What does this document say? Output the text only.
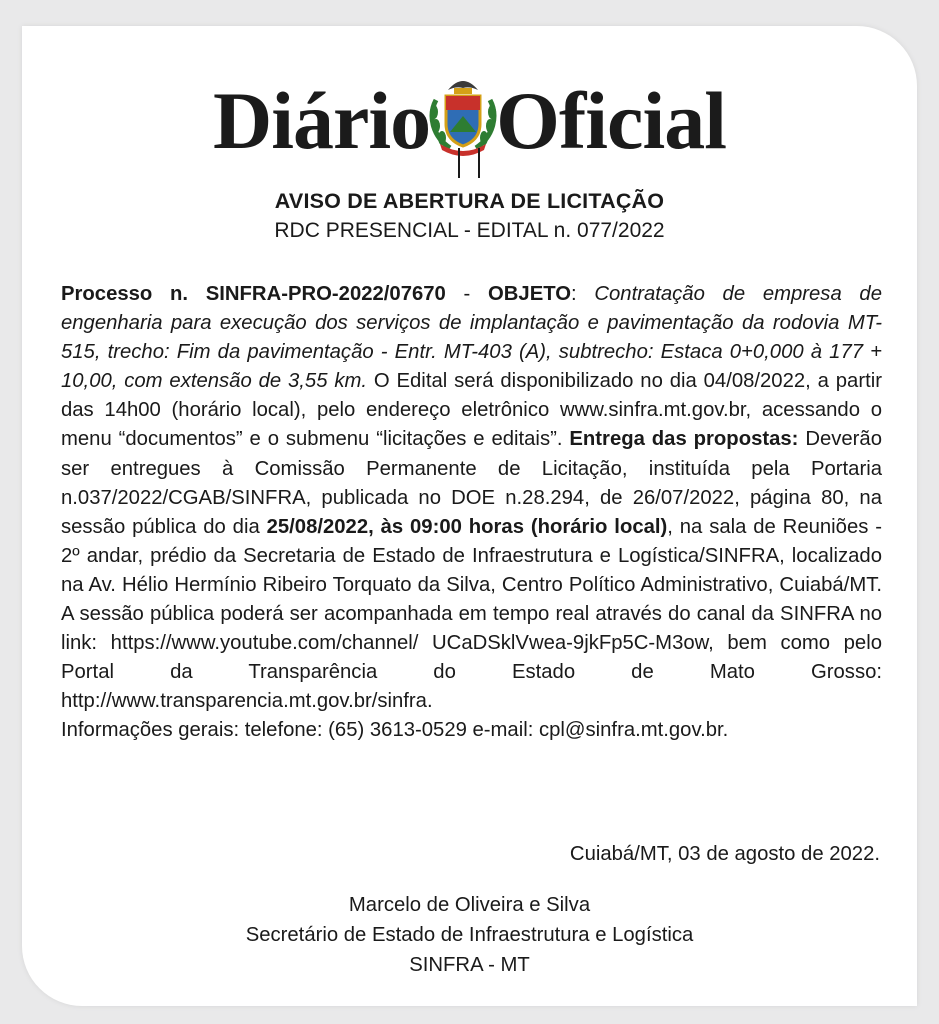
Diário Oficial
AVISO DE ABERTURA DE LICITAÇÃO
RDC PRESENCIAL - EDITAL n. 077/2022
Processo n. SINFRA-PRO-2022/07670 - OBJETO: Contratação de empresa de engenharia para execução dos serviços de implantação e pavimentação da rodovia MT-515, trecho: Fim da pavimentação - Entr. MT-403 (A), subtrecho: Estaca 0+0,000 à 177 + 10,00, com extensão de 3,55 km. O Edital será disponibilizado no dia 04/08/2022, a partir das 14h00 (horário local), pelo endereço eletrônico www.sinfra.mt.gov.br, acessando o menu “documentos” e o submenu “licitações e editais”. Entrega das propostas: Deverão ser entregues à Comissão Permanente de Licitação, instituída pela Portaria n.037/2022/CGAB/SINFRA, publicada no DOE n.28.294, de 26/07/2022, página 80, na sessão pública do dia 25/08/2022, às 09:00 horas (horário local), na sala de Reuniões - 2º andar, prédio da Secretaria de Estado de Infraestrutura e Logística/SINFRA, localizado na Av. Hélio Hermínio Ribeiro Torquato da Silva, Centro Político Administrativo, Cuiabá/MT. A sessão pública poderá ser acompanhada em tempo real através do canal da SINFRA no link: https://www.youtube.com/channel/ UCaDSklVwea-9jkFp5C-M3ow, bem como pelo Portal da Transparência do Estado de Mato Grosso: http://www.transparencia.mt.gov.br/sinfra.
Informações gerais: telefone: (65) 3613-0529 e-mail: cpl@sinfra.mt.gov.br.
Cuiabá/MT, 03 de agosto de 2022.
Marcelo de Oliveira e Silva
Secretário de Estado de Infraestrutura e Logística
SINFRA - MT
